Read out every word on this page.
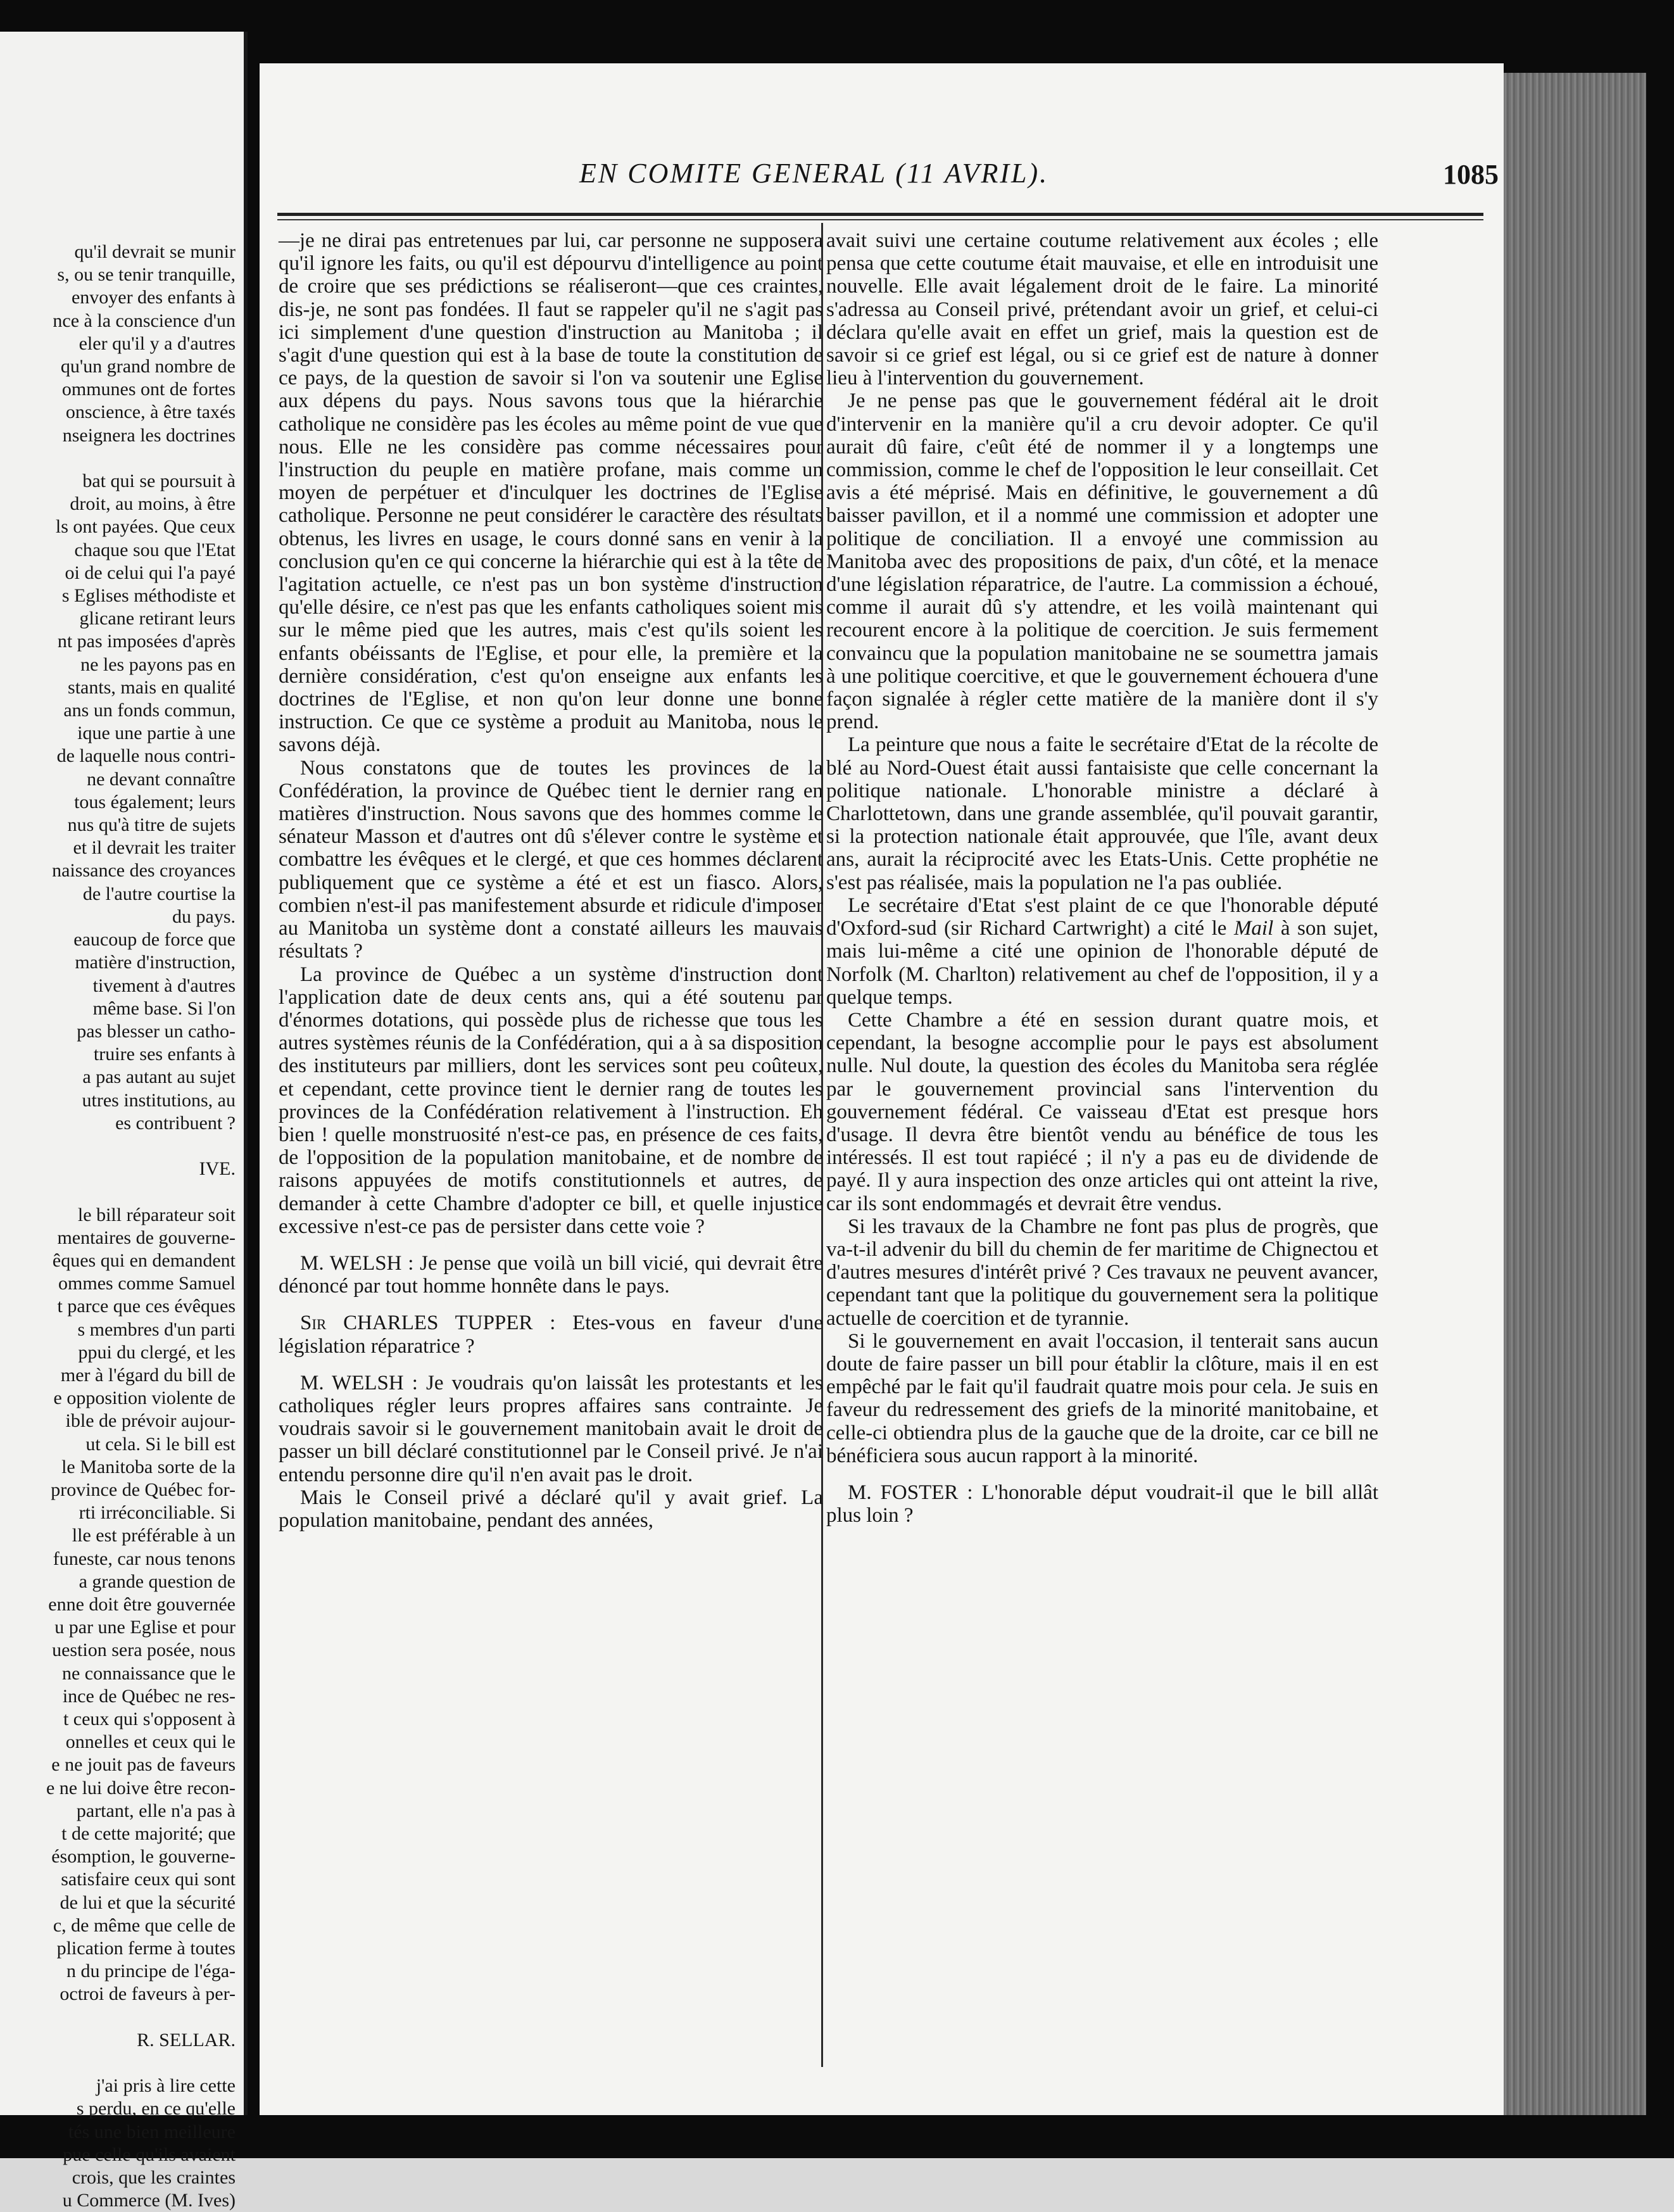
qu'il devrait se munir
s, ou se tenir tranquille,
envoyer des enfants à
nce à la conscience d'un
eler qu'il y a d'autres
qu'un grand nombre de
ommunes ont de fortes
onscience, à être taxés
nseignera les doctrines

bat qui se poursuit à
droit, au moins, à être
ls ont payées. Que ceux
chaque sou que l'Etat
oi de celui qui l'a payé
s Eglises méthodiste et
glicane retirant leurs
nt pas imposées d'après
ne les payons pas en
stants, mais en qualité
ans un fonds commun,
ique une partie à une
de laquelle nous contri-
ne devant connaître
tous également; leurs
nus qu'à titre de sujets
et il devrait les traiter
naissance des croyances
de l'autre courtise la
du pays.
eaucoup de force que
matière d'instruction,
tivement à d'autres
même base. Si l'on
pas blesser un catho-
truire ses enfants à
a pas autant au sujet
utres institutions, au
es contribuent ?

IVE.

le bill réparateur soit
mentaires de gouverne-
êques qui en demandent
ommes comme Samuel
t parce que ces évêques
s membres d'un parti
ppui du clergé, et les
mer à l'égard du bill de
e opposition violente de
ible de prévoir aujour-
ut cela. Si le bill est
le Manitoba sorte de la
province de Québec for-
rti irréconciliable. Si
lle est préférable à un
funeste, car nous tenons
a grande question de
enne doit être gouvernée
u par une Eglise et pour
uestion sera posée, nous
ne connaissance que le
ince de Québec ne res-
t ceux qui s'opposent à
onnelles et ceux qui le
e ne jouit pas de faveurs
e ne lui doive être recon-
partant, elle n'a pas à
t de cette majorité; que
ésomption, le gouverne-
satisfaire ceux qui sont
de lui et que la sécurité
c, de même que celle de
plication ferme à toutes
n du principe de l'éga-
octroi de faveurs à per-

R. SELLAR.

j'ai pris à lire cette
s perdu, en ce qu'elle
tés une bien meilleure
pue celle qu'ils avaient
crois, que les craintes
u Commerce (M. Ives)
EN COMITE GENERAL (11 AVRIL).	1085

—je ne dirai pas entretenues par lui, car personne ne supposera qu'il ignore les faits, ou qu'il est dépourvu d'intelligence au point de croire que ses prédictions se réaliseront—que ces craintes, dis-je, ne sont pas fondées. Il faut se rappeler qu'il ne s'agit pas ici simplement d'une question d'instruction au Manitoba ; il s'agit d'une question qui est à la base de toute la constitution de ce pays, de la question de savoir si l'on va soutenir une Eglise aux dépens du pays. Nous savons tous que la hiérarchie catholique ne considère pas les écoles au même point de vue que nous. Elle ne les considère pas comme nécessaires pour l'instruction du peuple en matière profane, mais comme un moyen de perpétuer et d'inculquer les doctrines de l'Eglise catholique. Personne ne peut considérer le caractère des résultats obtenus, les livres en usage, le cours donné sans en venir à la conclusion qu'en ce qui concerne la hiérarchie qui est à la tête de l'agitation actuelle, ce n'est pas un bon système d'instruction qu'elle désire, ce n'est pas que les enfants catholiques soient mis sur le même pied que les autres, mais c'est qu'ils soient les enfants obéissants de l'Eglise, et pour elle, la première et la dernière considération, c'est qu'on enseigne aux enfants les doctrines de l'Eglise, et non qu'on leur donne une bonne instruction. Ce que ce système a produit au Manitoba, nous le savons déjà.

Nous constatons que de toutes les provinces de la Confédération, la province de Québec tient le dernier rang en matières d'instruction. Nous savons que des hommes comme le sénateur Masson et d'autres ont dû s'élever contre le système et combattre les évêques et le clergé, et que ces hommes déclarent publiquement que ce système a été et est un fiasco. Alors, combien n'est-il pas manifestement absurde et ridicule d'imposer au Manitoba un système dont a constaté ailleurs les mauvais résultats ?

La province de Québec a un système d'instruction dont l'application date de deux cents ans, qui a été soutenu par d'énormes dotations, qui possède plus de richesse que tous les autres systèmes réunis de la Confédération, qui a à sa disposition des instituteurs par milliers, dont les services sont peu coûteux, et cependant, cette province tient le dernier rang de toutes les provinces de la Confédération relativement à l'instruction. Eh bien ! quelle monstruosité n'est-ce pas, en présence de ces faits, de l'opposition de la population manitobaine, et de nombre de raisons appuyées de motifs constitutionnels et autres, de demander à cette Chambre d'adopter ce bill, et quelle injustice excessive n'est-ce pas de persister dans cette voie ?

M. WELSH : Je pense que voilà un bill vicié, qui devrait être dénoncé par tout homme honnête dans le pays.

Sir CHARLES TUPPER : Etes-vous en faveur d'une législation réparatrice ?

M. WELSH : Je voudrais qu'on laissât les protestants et les catholiques régler leurs propres affaires sans contrainte. Je voudrais savoir si le gouvernement manitobain avait le droit de passer un bill déclaré constitutionnel par le Conseil privé. Je n'ai entendu personne dire qu'il n'en avait pas le droit.

Mais le Conseil privé a déclaré qu'il y avait grief. La population manitobaine, pendant des années,

avait suivi une certaine coutume relativement aux écoles ; elle pensa que cette coutume était mauvaise, et elle en introduisit une nouvelle. Elle avait légalement droit de le faire. La minorité s'adressa au Conseil privé, prétendant avoir un grief, et celui-ci déclara qu'elle avait en effet un grief, mais la question est de savoir si ce grief est légal, ou si ce grief est de nature à donner lieu à l'intervention du gouvernement.

Je ne pense pas que le gouvernement fédéral ait le droit d'intervenir en la manière qu'il a cru devoir adopter. Ce qu'il aurait dû faire, c'eût été de nommer il y a longtemps une commission, comme le chef de l'opposition le leur conseillait. Cet avis a été méprisé. Mais en définitive, le gouvernement a dû baisser pavillon, et il a nommé une commission et adopter une politique de conciliation. Il a envoyé une commission au Manitoba avec des propositions de paix, d'un côté, et la menace d'une législation réparatrice, de l'autre. La commission a échoué, comme il aurait dû s'y attendre, et les voilà maintenant qui recourent encore à la politique de coercition. Je suis fermement convaincu que la population manitobaine ne se soumettra jamais à une politique coercitive, et que le gouvernement échouera d'une façon signalée à régler cette matière de la manière dont il s'y prend.

La peinture que nous a faite le secrétaire d'Etat de la récolte de blé au Nord-Ouest était aussi fantaisiste que celle concernant la politique nationale. L'honorable ministre a déclaré à Charlottetown, dans une grande assemblée, qu'il pouvait garantir, si la protection nationale était approuvée, que l'île, avant deux ans, aurait la réciprocité avec les Etats-Unis. Cette prophétie ne s'est pas réalisée, mais la population ne l'a pas oubliée.

Le secrétaire d'Etat s'est plaint de ce que l'honorable député d'Oxford-sud (sir Richard Cartwright) a cité le Mail à son sujet, mais lui-même a cité une opinion de l'honorable député de Norfolk (M. Charlton) relativement au chef de l'opposition, il y a quelque temps.

Cette Chambre a été en session durant quatre mois, et cependant, la besogne accomplie pour le pays est absolument nulle. Nul doute, la question des écoles du Manitoba sera réglée par le gouvernement provincial sans l'intervention du gouvernement fédéral. Ce vaisseau d'Etat est presque hors d'usage. Il devra être bientôt vendu au bénéfice de tous les intéressés. Il est tout rapiécé ; il n'y a pas eu de dividende de payé. Il y aura inspection des onze articles qui ont atteint la rive, car ils sont endommagés et devrait être vendus.

Si les travaux de la Chambre ne font pas plus de progrès, que va-t-il advenir du bill du chemin de fer maritime de Chignectou et d'autres mesures d'intérêt privé ? Ces travaux ne peuvent avancer, cependant tant que la politique du gouvernement sera la politique actuelle de coercition et de tyrannie.

Si le gouvernement en avait l'occasion, il tenterait sans aucun doute de faire passer un bill pour établir la clôture, mais il en est empêché par le fait qu'il faudrait quatre mois pour cela. Je suis en faveur du redressement des griefs de la minorité manitobaine, et celle-ci obtiendra plus de la gauche que de la droite, car ce bill ne bénéficiera sous aucun rapport à la minorité.

M. FOSTER : L'honorable déput voudrait-il que le bill allât plus loin ?
